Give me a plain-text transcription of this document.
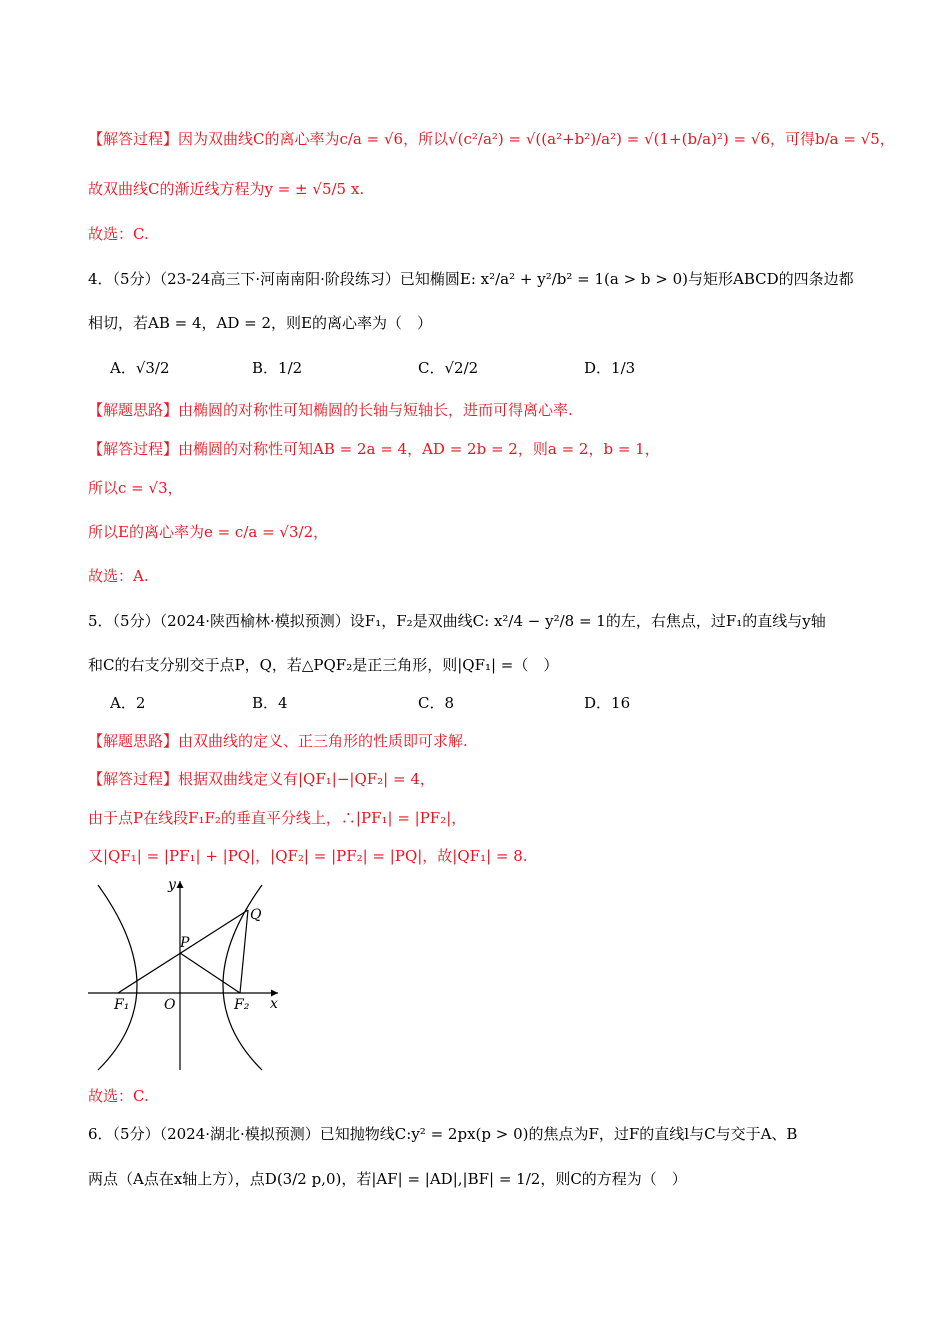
【解答过程】因为双曲线C的离心率为c/a = √6，所以√(c²/a²) = √((a²+b²)/a²) = √(1+(b/a)²) = √6，可得b/a = √5，
故双曲线C的渐近线方程为y = ± √5/5 x.
故选：C.
4．（5分）（23-24高三下·河南南阳·阶段练习）已知椭圆E: x²/a² + y²/b² = 1(a > b > 0)与矩形ABCD的四条边都
相切，若AB = 4，AD = 2，则E的离心率为（　）
A．√3/2	B．1/2	C．√2/2	D．1/3
【解题思路】由椭圆的对称性可知椭圆的长轴与短轴长，进而可得离心率.
【解答过程】由椭圆的对称性可知AB = 2a = 4，AD = 2b = 2，则a = 2，b = 1，
所以c = √3，
所以E的离心率为e = c/a = √3/2，
故选：A.
5．（5分）（2024·陕西榆林·模拟预测）设F₁，F₂是双曲线C: x²/4 − y²/8 = 1的左，右焦点，过F₁的直线与y轴
和C的右支分别交于点P，Q，若△PQF₂是正三角形，则|QF₁| =（　）
A．2	B．4	C．8	D．16
【解题思路】由双曲线的定义、正三角形的性质即可求解.
【解答过程】根据双曲线定义有|QF₁|−|QF₂| = 4，
由于点P在线段F₁F₂的垂直平分线上，∴|PF₁| = |PF₂|，
又|QF₁| = |PF₁| + |PQ|，|QF₂| = |PF₂| = |PQ|，故|QF₁| = 8.
y
x
O
P
Q
F₁	F₂
故选：C.
6．（5分）（2024·湖北·模拟预测）已知抛物线C:y² = 2px(p > 0)的焦点为F，过F的直线l与C与交于A、B
两点（A点在x轴上方），点D(3/2 p,0)，若|AF| = |AD|,|BF| = 1/2，则C的方程为（　）
